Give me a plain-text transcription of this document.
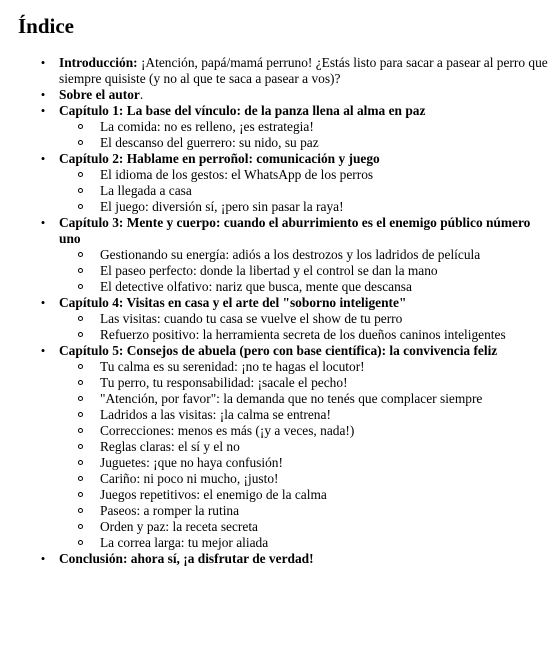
Índice
• Introducción: ¡Atención, papá/mamá perruno! ¿Estás listo para sacar a pasear al perro que siempre quisiste (y no al que te saca a pasear a vos)?
• Sobre el autor.
• Capítulo 1: La base del vínculo: de la panza llena al alma en paz
La comida: no es relleno, ¡es estrategia!
El descanso del guerrero: su nido, su paz
• Capítulo 2: Hablame en perroñol: comunicación y juego
El idioma de los gestos: el WhatsApp de los perros
La llegada a casa
El juego: diversión sí, ¡pero sin pasar la raya!
• Capítulo 3: Mente y cuerpo: cuando el aburrimiento es el enemigo público número uno
Gestionando su energía: adiós a los destrozos y los ladridos de película
El paseo perfecto: donde la libertad y el control se dan la mano
El detective olfativo: nariz que busca, mente que descansa
• Capítulo 4: Visitas en casa y el arte del "soborno inteligente"
Las visitas: cuando tu casa se vuelve el show de tu perro
Refuerzo positivo: la herramienta secreta de los dueños caninos inteligentes
• Capítulo 5: Consejos de abuela (pero con base científica): la convivencia feliz
Tu calma es su serenidad: ¡no te hagas el locutor!
Tu perro, tu responsabilidad: ¡sacale el pecho!
"Atención, por favor": la demanda que no tenés que complacer siempre
Ladridos a las visitas: ¡la calma se entrena!
Correcciones: menos es más (¡y a veces, nada!)
Reglas claras: el sí y el no
Juguetes: ¡que no haya confusión!
Cariño: ni poco ni mucho, ¡justo!
Juegos repetitivos: el enemigo de la calma
Paseos: a romper la rutina
Orden y paz: la receta secreta
La correa larga: tu mejor aliada
• Conclusión: ahora sí, ¡a disfrutar de verdad!
